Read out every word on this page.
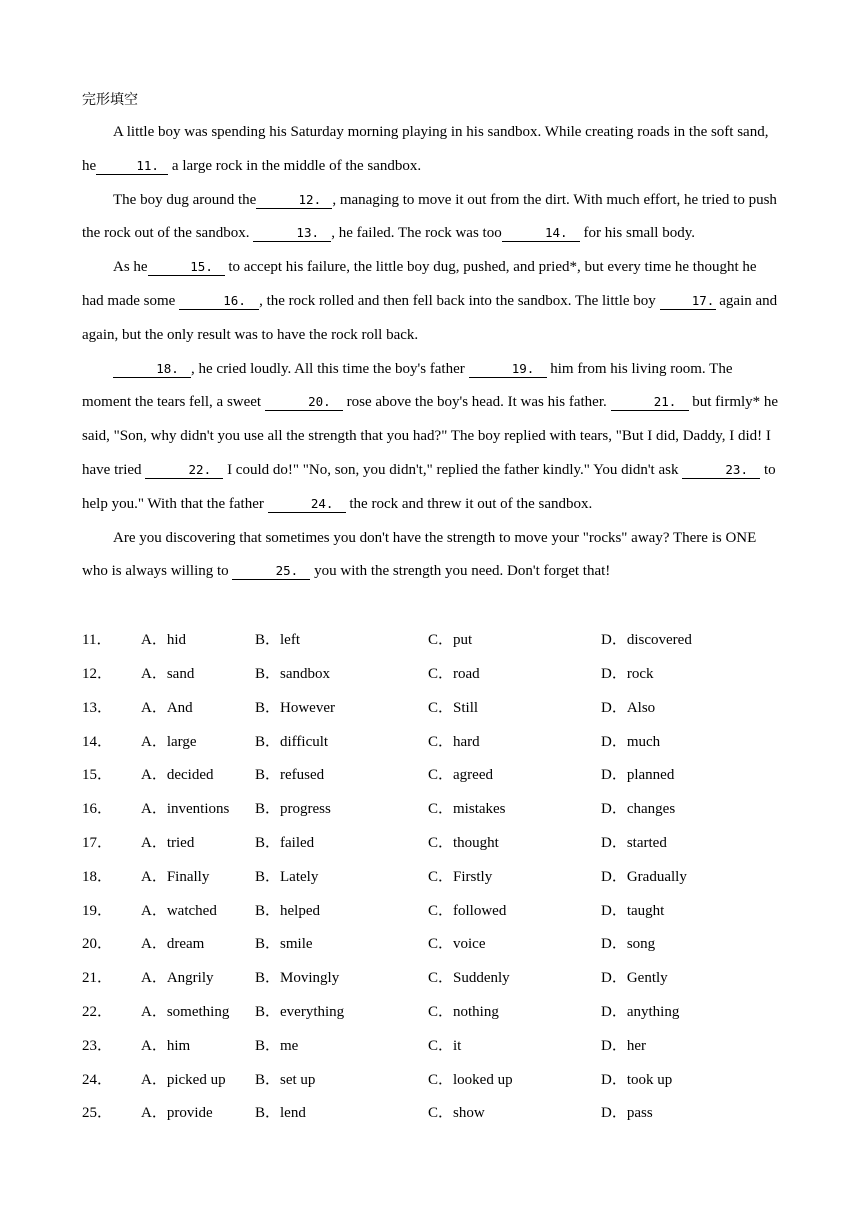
完形填空

A little boy was spending his Saturday morning playing in his sandbox. While creating roads in the soft sand, he	11. a large rock in the middle of the sandbox.

The boy dug around the	12. , managing to move it out from the dirt. With much effort, he tried to push the rock out of the sandbox.	13. , he failed. The rock was too	14. for his small body.

As he	15. to accept his failure, the little boy dug, pushed, and pried*, but every time he thought he had made some	16. , the rock rolled and then fell back into the sandbox. The little boy	17. again and again, but the only result was to have the rock roll back.

18. , he cried loudly. All this time the boy's father	19. him from his living room. The moment the tears fell, a sweet	20. rose above the boy's head. It was his father.	21. but firmly* he said, "Son, why didn't you use all the strength that you had?" The boy replied with tears, "But I did, Daddy, I did! I have tried	22. I could do!" "No, son, you didn't," replied the father kindly." You didn't ask	23. to help you." With that the father	24. the rock and threw it out of the sandbox.

Are you discovering that sometimes you don't have the strength to move your "rocks" away? There is ONE who is always willing to	25. you with the strength you need. Don't forget that!

11． A．hid	B．left	C．put	D．discovered
12． A．sand	B．sandbox	C．road	D．rock
13． A．And	B．However	C．Still	D．Also
14． A．large	B．difficult	C．hard	D．much
15． A．decided	B．refused	C．agreed	D．planned
16． A．inventions B．progress	C．mistakes	D．changes
17． A．tried	B．failed	C．thought	D．started
18． A．Finally	B．Lately	C．Firstly	D．Gradually
19． A．watched	B．helped	C．followed	D．taught
20． A．dream	B．smile	C．voice	D．song
21． A．Angrily	B．Movingly	C．Suddenly	D．Gently
22． A．something B．everything	C．nothing	D．anything
23． A．him	B．me	C．it	D．her
24． A．picked up B．set up	C．looked up	D．took up
25． A．provide	B．lend	C．show	D．pass
